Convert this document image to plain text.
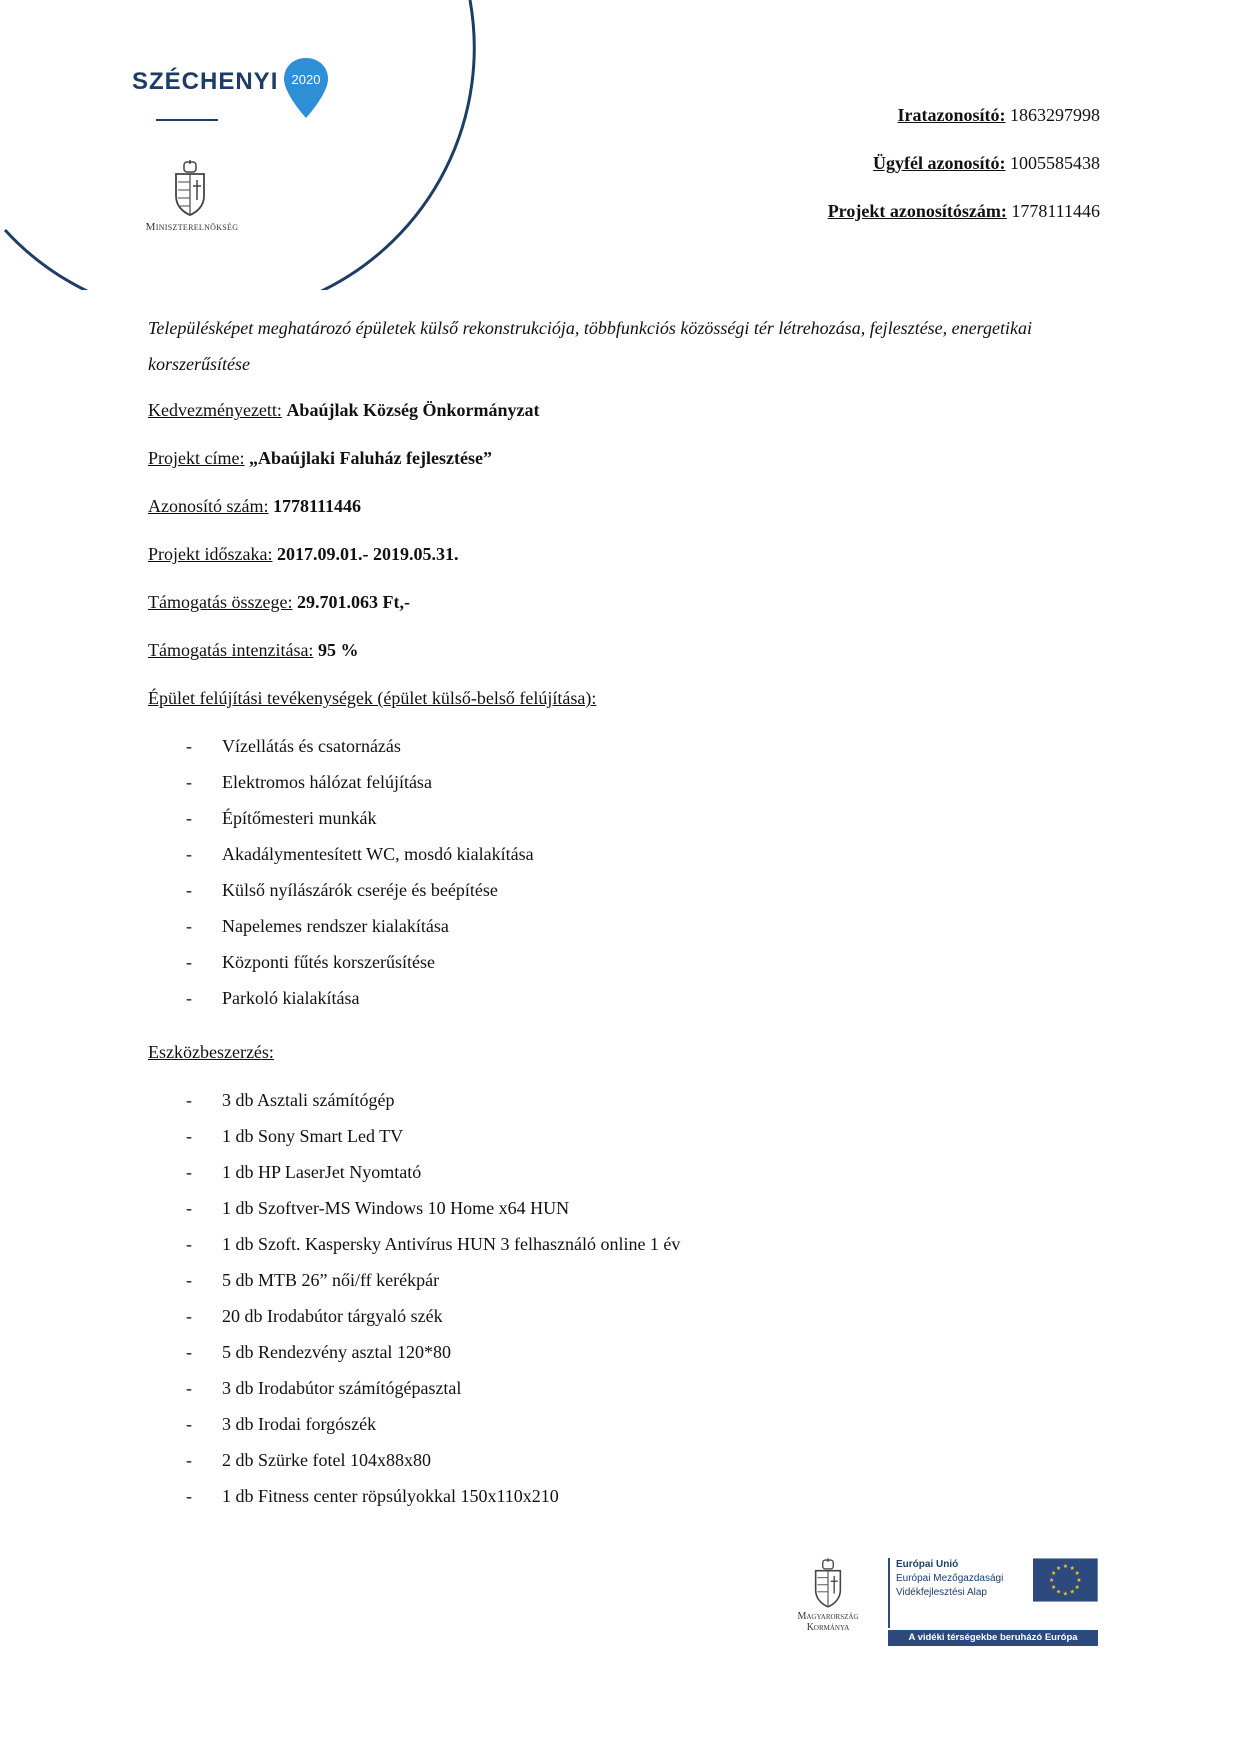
SZÉCHENYI 2020
Miniszterelnökség
Iratazonosító: 1863297998
Ügyfél azonosító: 1005585438
Projekt azonosítószám: 1778111446

Településképet meghatározó épületek külső rekonstrukciója, többfunkciós közösségi tér létrehozása, fejlesztése, energetikai korszerűsítése

Kedvezményezett: Abaújlak Község Önkormányzat
Projekt címe: „Abaújlaki Faluház fejlesztése”
Azonosító szám: 1778111446
Projekt időszaka: 2017.09.01.- 2019.05.31.
Támogatás összege: 29.701.063 Ft,-
Támogatás intenzitása: 95 %
Épület felújítási tevékenységek (épület külső-belső felújítása):
- Vízellátás és csatornázás
- Elektromos hálózat felújítása
- Építőmesteri munkák
- Akadálymentesített WC, mosdó kialakítása
- Külső nyílászárók cseréje és beépítése
- Napelemes rendszer kialakítása
- Központi fűtés korszerűsítése
- Parkoló kialakítása
Eszközbeszerzés:
- 3 db Asztali számítógép
- 1 db Sony Smart Led TV
- 1 db HP LaserJet Nyomtató
- 1 db Szoftver-MS Windows 10 Home x64 HUN
- 1 db Szoft. Kaspersky Antivírus HUN 3 felhasználó online 1 év
- 5 db MTB 26” női/ff kerékpár
- 20 db Irodabútor tárgyaló szék
- 5 db Rendezvény asztal 120*80
- 3 db Irodabútor számítógépasztal
- 3 db Irodai forgószék
- 2 db Szürke fotel 104x88x80
- 1 db Fitness center röpsúlyokkal 150x110x210
Magyarország
Kormánya
Európai Unió
Európai Mezőgazdasági
Vidékfejlesztési Alap
★ ★
★
★
★
★
★
★
★
★
★
★
A vidéki térségekbe beruházó Európa
